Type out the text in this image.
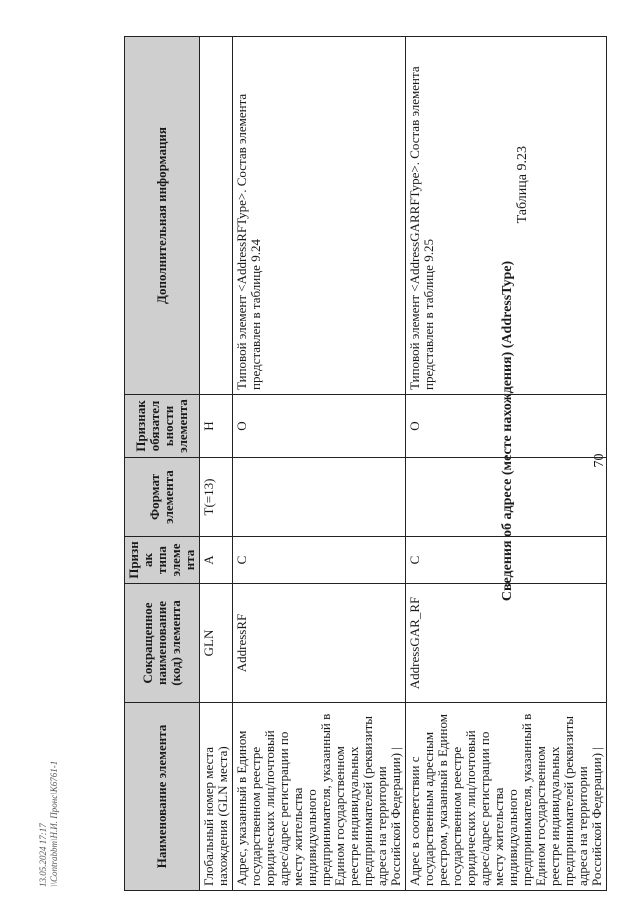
70
Таблица 9.23
Сведения об адресе (месте нахождения) (AddressType)
Наименование элемента	Сокращенное наименование (код) элемента	Признак типа элемента	Формат элемента	Признак обязательности элемента	Дополнительная информация
Глобальный номер места нахождения (GLN места)	GLN	А	T(=13)	Н	
Адрес, указанный в Едином государственном реестре юридических лиц/почтовый адрес/адрес регистрации по месту жительства индивидуального предпринимателя, указанный в Едином государственном реестре индивидуальных предпринимателей (реквизиты адреса на территории Российской Федерации) |	AddressRF	С		О	Типовой элемент <AddressRFType>. Состав элемента представлен в таблице 9.24
Адрес в соответствии с государственным адресным реестром, указанный в Едином государственном реестре юридических лиц/почтовый адрес/адрес регистрации по месту жительства индивидуального предпринимателя, указанный в Едином государственном реестре индивидуальных предпринимателей (реквизиты адреса на территории Российской Федерации) |	AddressGAR_RF	С		О	Типовой элемент <AddressGARRFType>. Состав элемента представлен в таблице 9.25
13.05.2024 17:17 \\Contrabbm\Н.И. Пронс\К6761-1
